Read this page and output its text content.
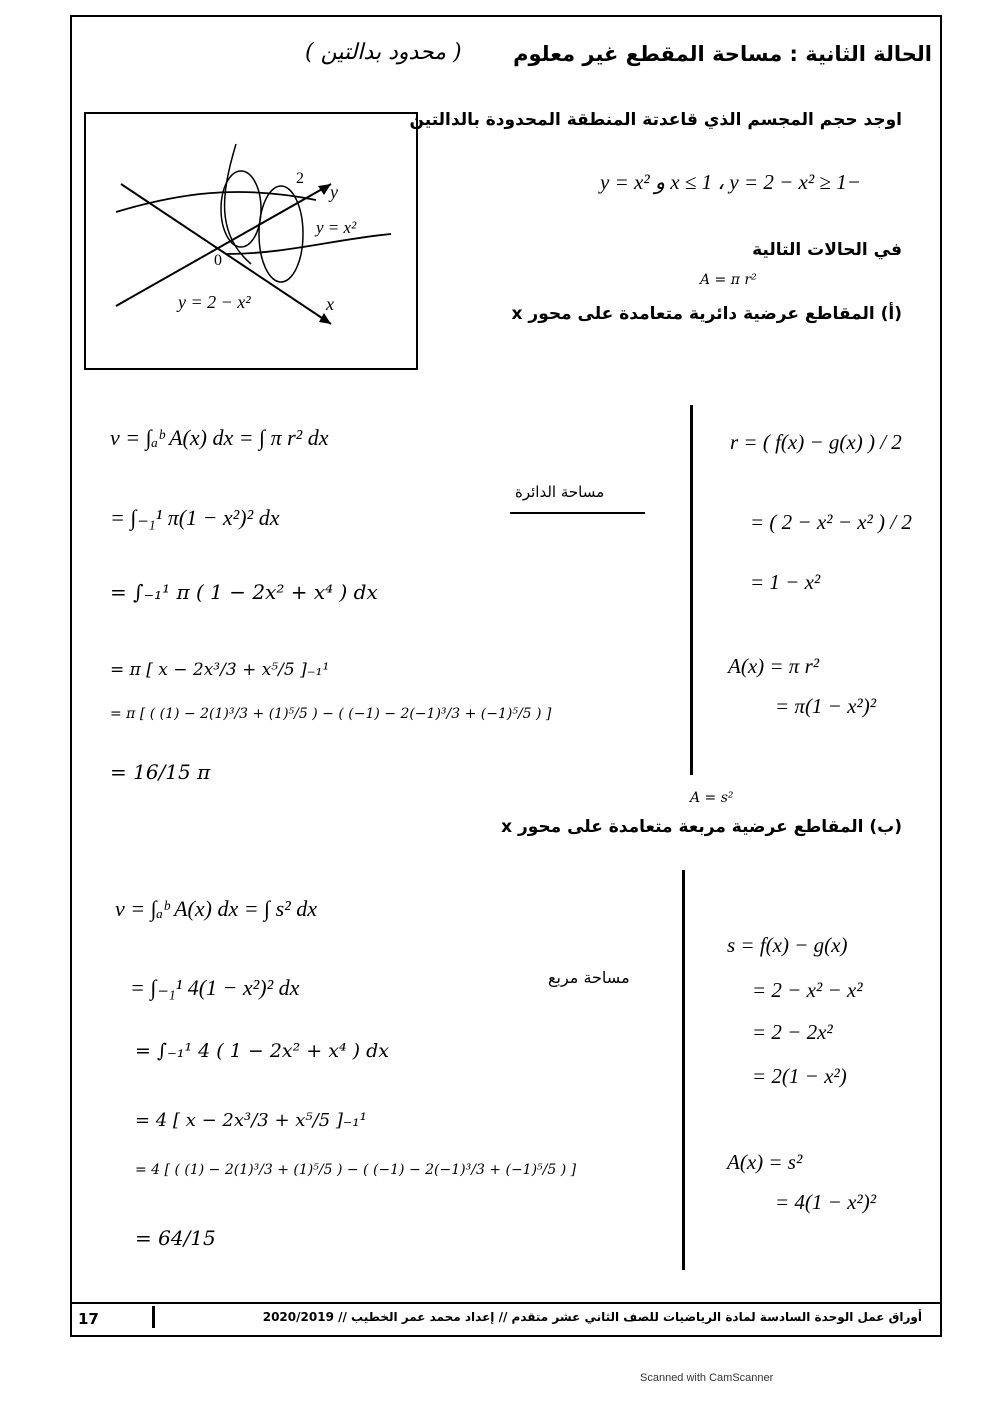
الحالة الثانية : مساحة المقطع غير معلوم
( محدود بدالتين )
اوجد حجم المجسم الذي قاعدتة المنطقة المحدودة بالدالتين
−1 ≤ x ≤ 1 ، y = 2 − x² و y = x²
في الحالات التالية
y
x
0
2
y = x²
y = 2 − x²
A = π r²
(أ) المقاطع عرضية دائرية متعامدة على محور x
v = ∫ₐᵇ A(x) dx = ∫ π r² dx
= ∫₋₁¹ π(1 − x²)² dx
= ∫₋₁¹ π ( 1 − 2x² + x⁴ ) dx
= π [ x − 2x³/3 + x⁵/5 ]₋₁¹
= π [ ( (1) − 2(1)³/3 + (1)⁵/5 ) − ( (−1) − 2(−1)³/3 + (−1)⁵/5 ) ]
= 16/15 π
مساحة الدائرة
r = ( f(x) − g(x) ) / 2
= ( 2 − x² − x² ) / 2
= 1 − x²
A(x) = π r²
= π(1 − x²)²
A = s²
(ب) المقاطع عرضية مربعة متعامدة على محور x
v = ∫ₐᵇ A(x) dx = ∫ s² dx
= ∫₋₁¹ 4(1 − x²)² dx
= ∫₋₁¹ 4 ( 1 − 2x² + x⁴ ) dx
= 4 [ x − 2x³/3 + x⁵/5 ]₋₁¹
= 4 [ ( (1) − 2(1)³/3 + (1)⁵/5 ) − ( (−1) − 2(−1)³/3 + (−1)⁵/5 ) ]
= 64/15
مساحة مربع
s = f(x) − g(x)
= 2 − x² − x²
= 2 − 2x²
= 2(1 − x²)
A(x) = s²
= 4(1 − x²)²
17	أوراق عمل الوحدة السادسة لمادة الرياضيات للصف الثاني عشر متقدم // إعداد محمد عمر الخطيب // 2020/2019
Scanned with CamScanner
